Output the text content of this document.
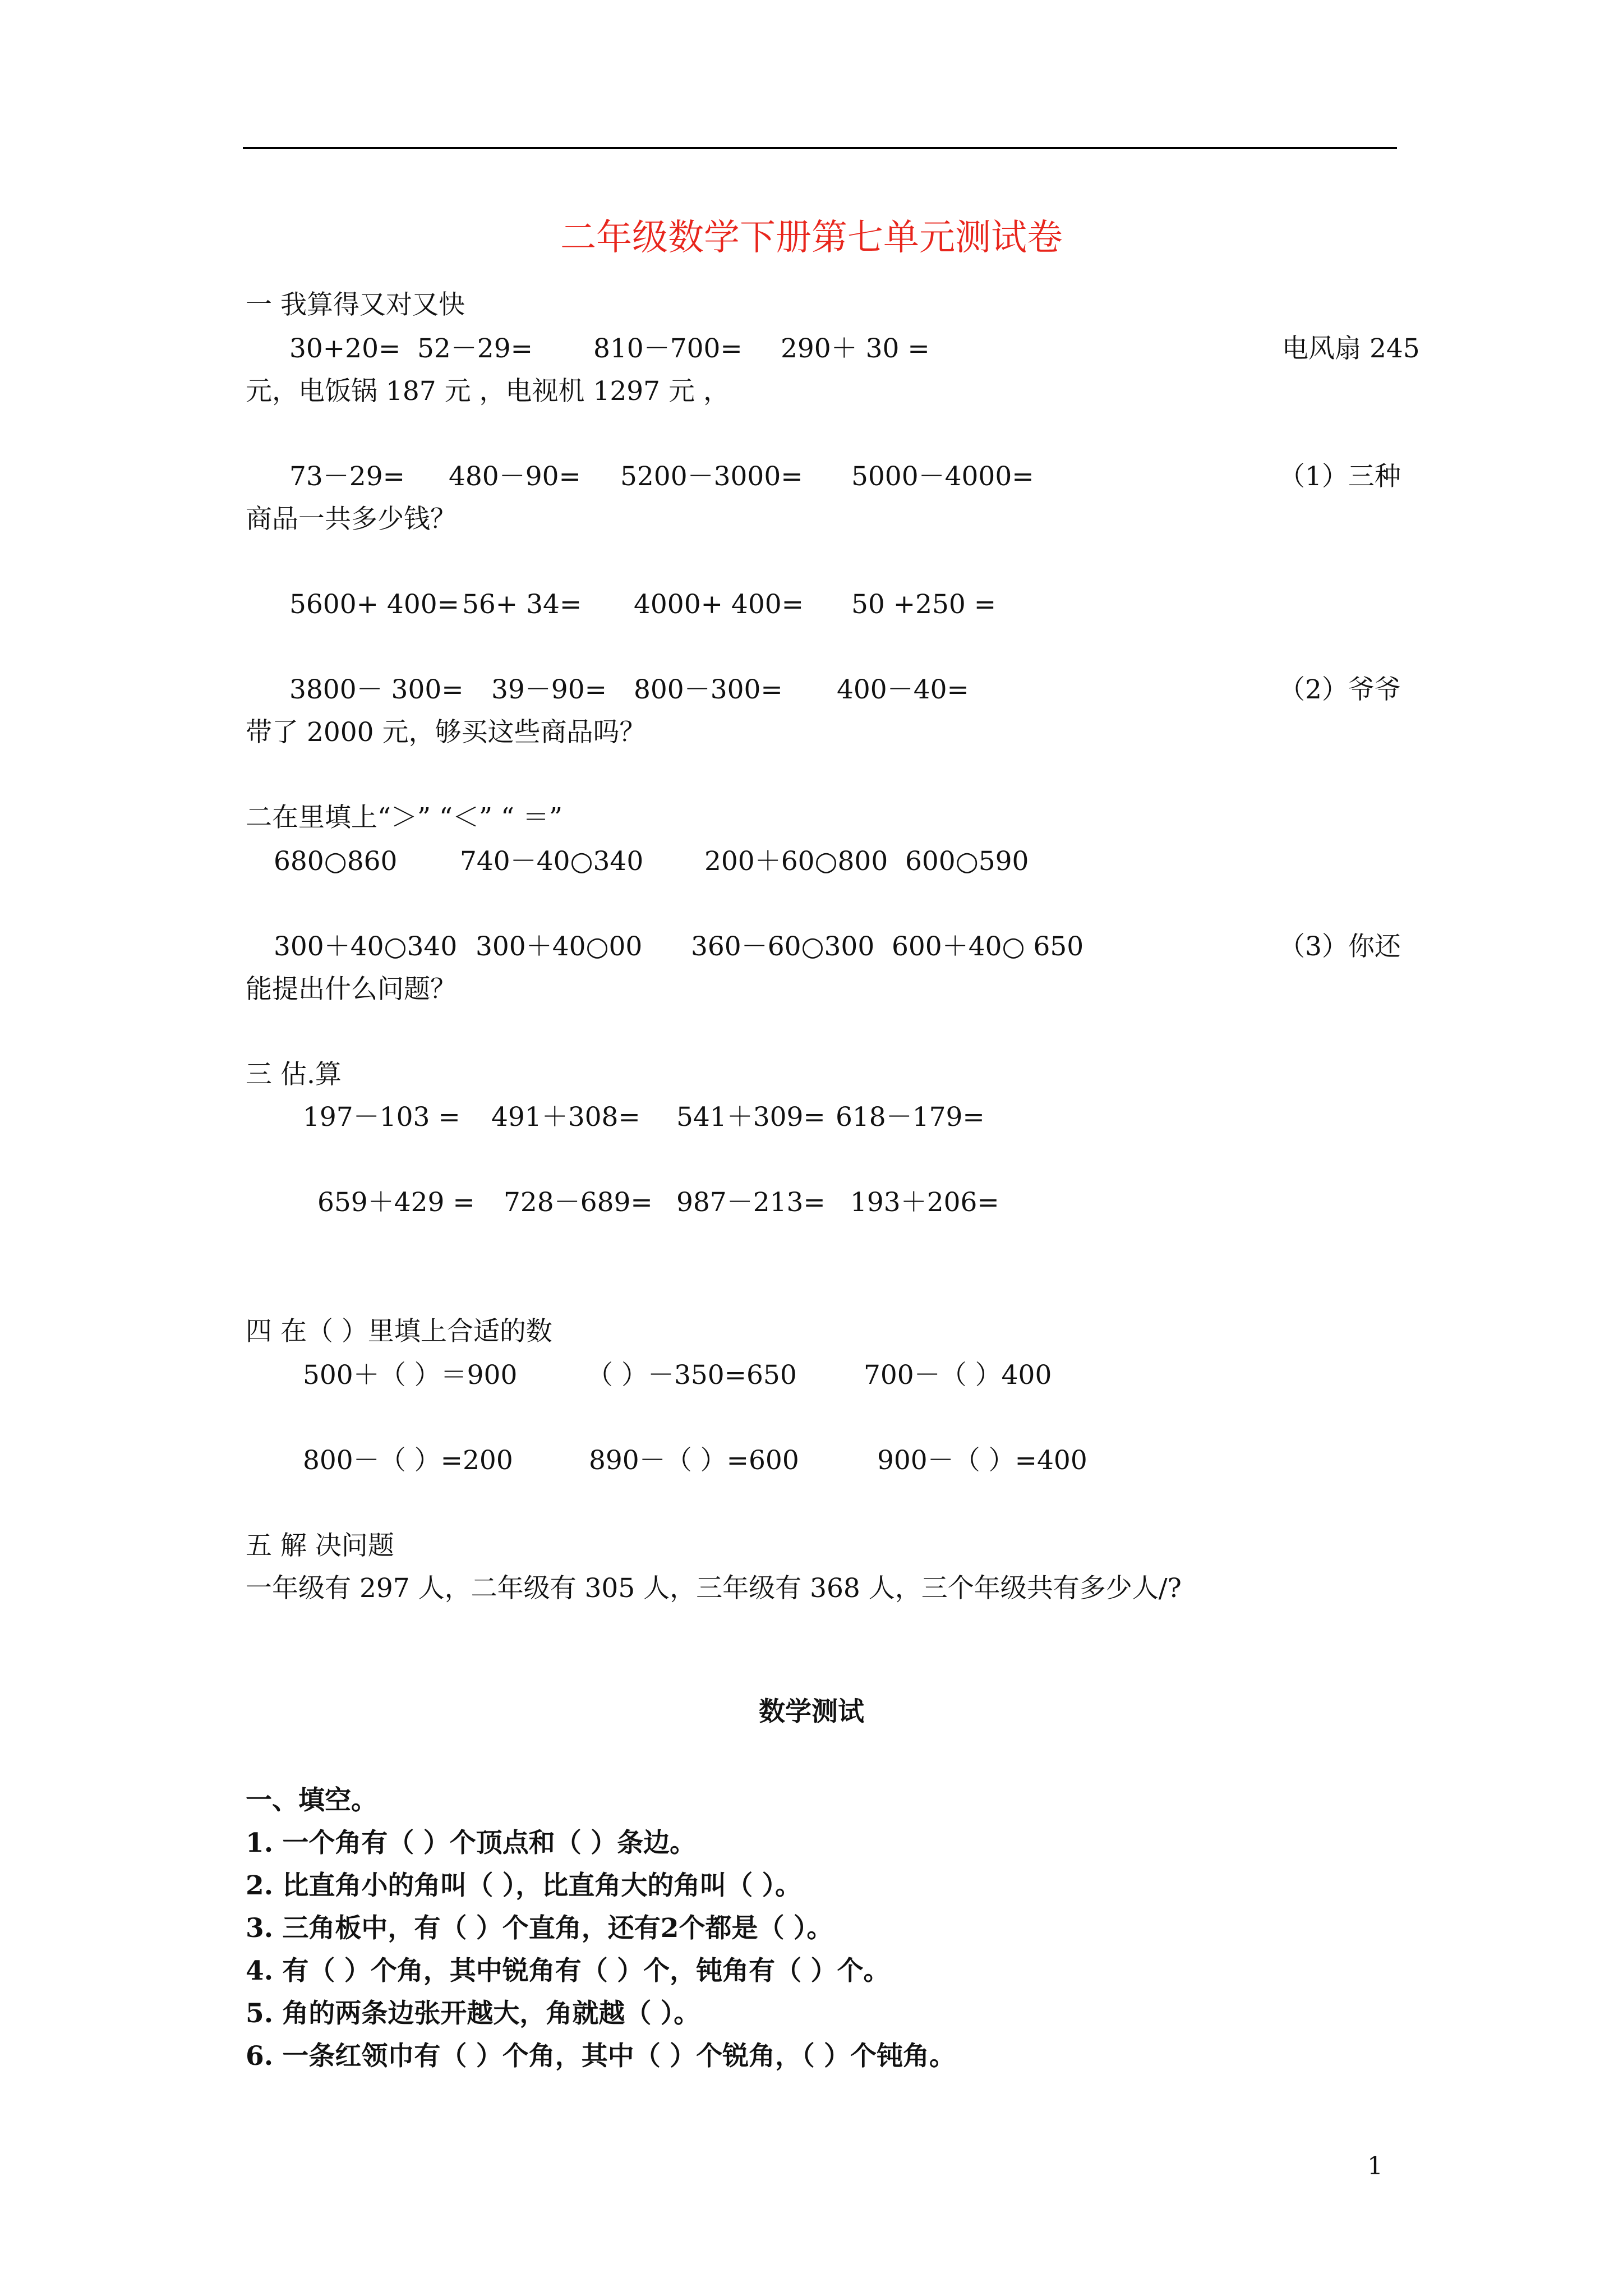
二年级数学下册第七单元测试卷
一 我算得又对又快
30+20= 52－29= 810－700= 290＋ 30 =	电风扇 245
元，电饭锅 187 元 ，电视机 1297 元 ，
73－29= 480－90= 5200－3000= 5000－4000=	（1）三种
商品一共多少钱？
5600+ 400= 56+ 34= 4000+ 400= 50 +250 =
3800－ 300= 39－90= 800－300= 400－40=	（2）爷爷
带了 2000 元，够买这些商品吗？
二在里填上“＞” “＜” “ ＝”
680○860 740－40○340 200＋60○800 600○590
300＋40○340 300＋40○00 360－60○300 600＋40○ 650	（3）你还
能提出什么问题？
三 估.算
197－103 = 491＋308= 541＋309= 618－179=
659＋429 = 728－689= 987－213= 193＋206=
四 在（ ）里填上合适的数
500＋（ ）＝900	（ ）－350=650	700－（ ）400
800－（ ）=200	890－（ ）=600	900－（ ）=400
五 解 决问题
一年级有 297 人，二年级有 305 人，三年级有 368 人，三个年级共有多少人/?
数学测试
一、填空。
1. 一个角有（ ）个顶点和（ ）条边。
2. 比直角小的角叫（ ），比直角大的角叫（ ）。
3. 三角板中，有（ ）个直角，还有2个都是（ ）。
4. 有（ ）个角，其中锐角有（ ）个，钝角有（ ）个。
5. 角的两条边张开越大，角就越（ ）。
6. 一条红领巾有（ ）个角，其中（ ）个锐角，（ ）个钝角。
1
